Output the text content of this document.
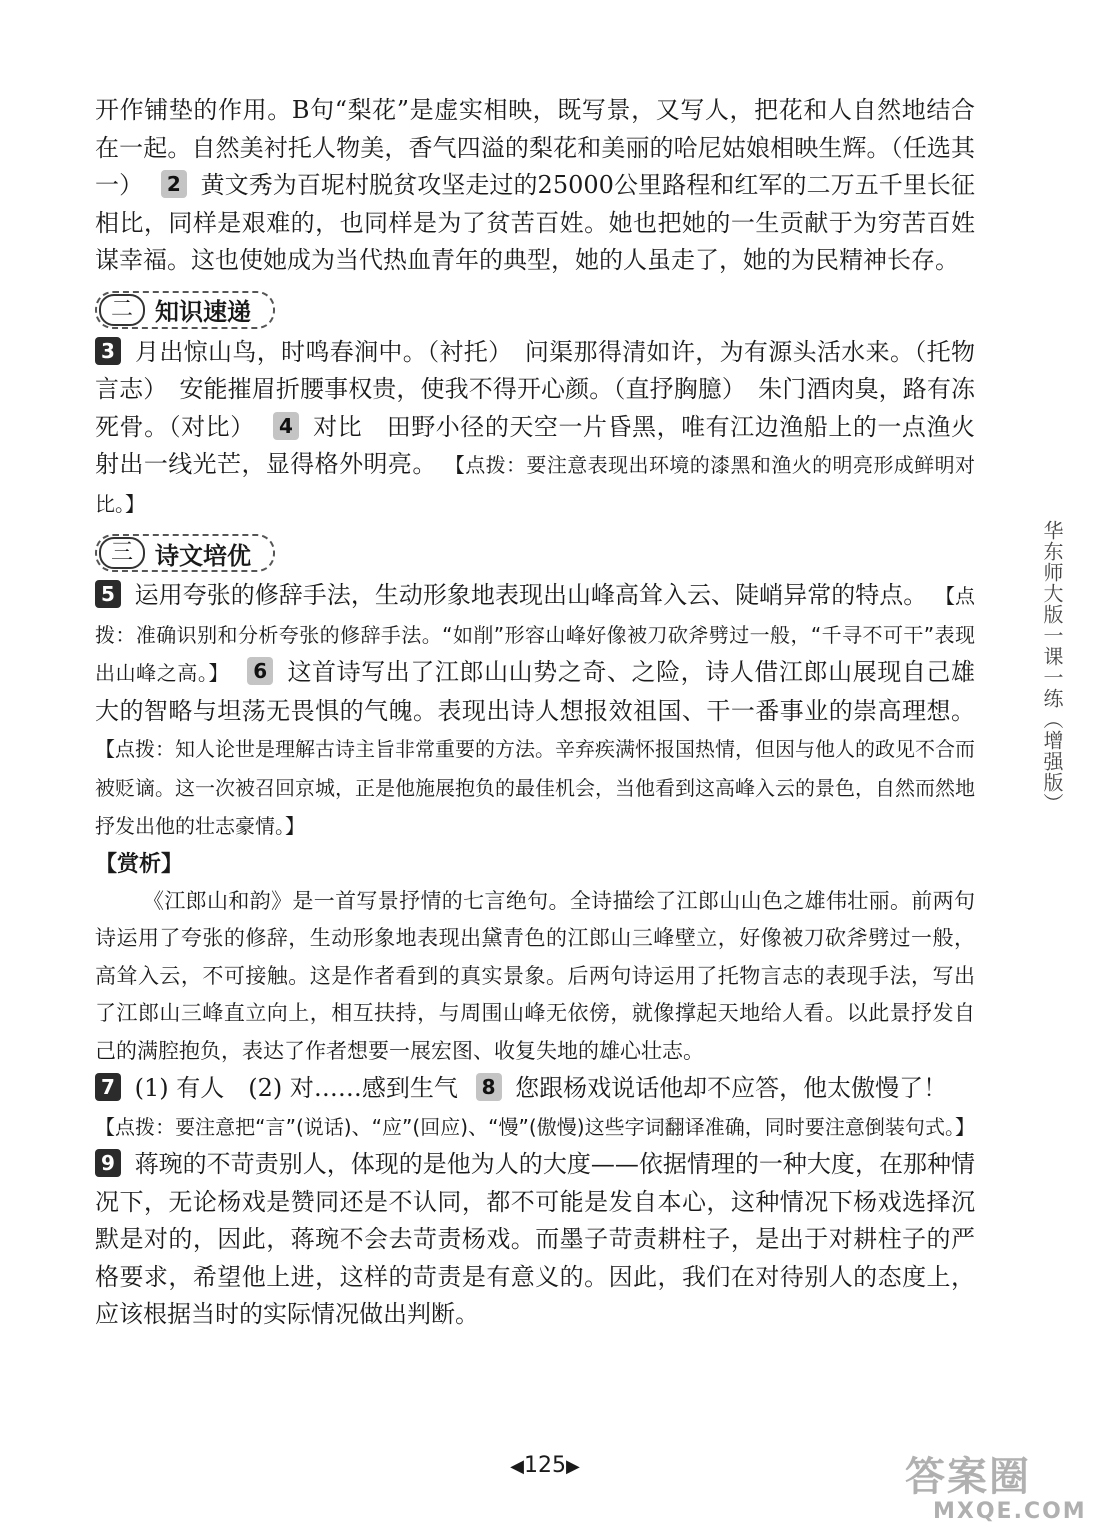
开作铺垫的作用。B句“梨花”是虚实相映，既写景，又写人，把花和人自然地结合在一起。自然美衬托人物美，香气四溢的梨花和美丽的哈尼姑娘相映生辉。（任选其一） 2 黄文秀为百坭村脱贫攻坚走过的25000公里路程和红军的二万五千里长征相比，同样是艰难的，也同样是为了贫苦百姓。她也把她的一生贡献于为穷苦百姓谋幸福。这也使她成为当代热血青年的典型，她的人虽走了，她的为民精神长存。

二 知识速递

3 月出惊山鸟，时鸣春涧中。（衬托）　问渠那得清如许，为有源头活水来。（托物言志）　安能摧眉折腰事权贵，使我不得开心颜。（直抒胸臆）　朱门酒肉臭，路有冻死骨。（对比） 4 对比　田野小径的天空一片昏黑，唯有江边渔船上的一点渔火射出一线光芒，显得格外明亮。 【点拨：要注意表现出环境的漆黑和渔火的明亮形成鲜明对比。】

三 诗文培优

5 运用夸张的修辞手法，生动形象地表现出山峰高耸入云、陡峭异常的特点。 【点拨：准确识别和分析夸张的修辞手法。“如削”形容山峰好像被刀砍斧劈过一般，“千寻不可干”表现出山峰之高。】 6 这首诗写出了江郎山山势之奇、之险，诗人借江郎山展现自己雄大的智略与坦荡无畏惧的气魄。表现出诗人想报效祖国、干一番事业的崇高理想。 【点拨：知人论世是理解古诗主旨非常重要的方法。辛弃疾满怀报国热情，但因与他人的政见不合而被贬谪。这一次被召回京城，正是他施展抱负的最佳机会，当他看到这高峰入云的景色，自然而然地抒发出他的壮志豪情。】

【赏析】

《江郎山和韵》是一首写景抒情的七言绝句。全诗描绘了江郎山山色之雄伟壮丽。前两句诗运用了夸张的修辞，生动形象地表现出黛青色的江郎山三峰壁立，好像被刀砍斧劈过一般，高耸入云，不可接触。这是作者看到的真实景象。后两句诗运用了托物言志的表现手法，写出了江郎山三峰直立向上，相互扶持，与周围山峰无依傍，就像撑起天地给人看。以此景抒发自己的满腔抱负，表达了作者想要一展宏图、收复失地的雄心壮志。

7 (1) 有人　(2) 对……感到生气 8 您跟杨戏说话他却不应答，他太傲慢了！

【点拨：要注意把“言”(说话)、“应”(回应)、“慢”(傲慢)这些字词翻译准确，同时要注意倒装句式。】 9 蒋琬的不苛责别人，体现的是他为人的大度——依据情理的一种大度，在那种情况下，无论杨戏是赞同还是不认同，都不可能是发自本心，这种情况下杨戏选择沉默是对的，因此，蒋琬不会去苛责杨戏。而墨子苛责耕柱子，是出于对耕柱子的严格要求，希望他上进，这样的苛责是有意义的。因此，我们在对待别人的态度上，应该根据当时的实际情况做出判断。

华东师大版一课一练（增强版）
◀125▶	答案圈
MXQE.COM
